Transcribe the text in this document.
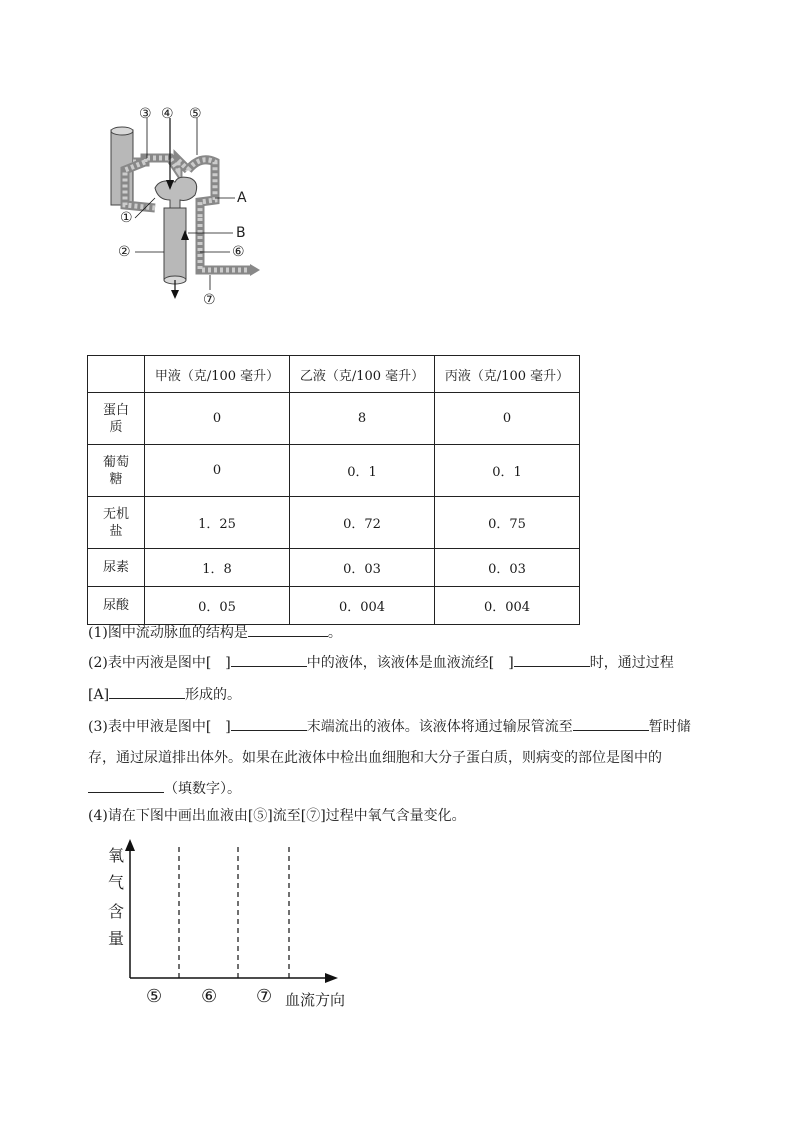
③ ④ ⑤
A
①
B
⑥
②
⑦
	甲液（克/100 毫升）	乙液（克/100 毫升）	丙液（克/100 毫升）
蛋白
质	0	8	0
葡萄
糖	0	0．1	0．1
无机
盐	1．25	0．72	0．75
尿素	1．8	0．03	0．03
尿酸	0．05	0．004	0．004
(1)图中流动脉血的结构是	。
(2)表中丙液是图中[ ]	中的液体，该液体是血液流经[ ]	时，通过过程
[A]	形成的。
(3)表中甲液是图中[ ]	末端流出的液体。该液体将通过输尿管流至	暂时储
存，通过尿道排出体外。如果在此液体中检出血细胞和大分子蛋白质，则病变的部位是图中的
（填数字）。
(4)请在下图中画出血液由[⑤]流至[⑦]过程中氧气含量变化。
氧
气
含
量
⑤ ⑥ ⑦ 血流方向
